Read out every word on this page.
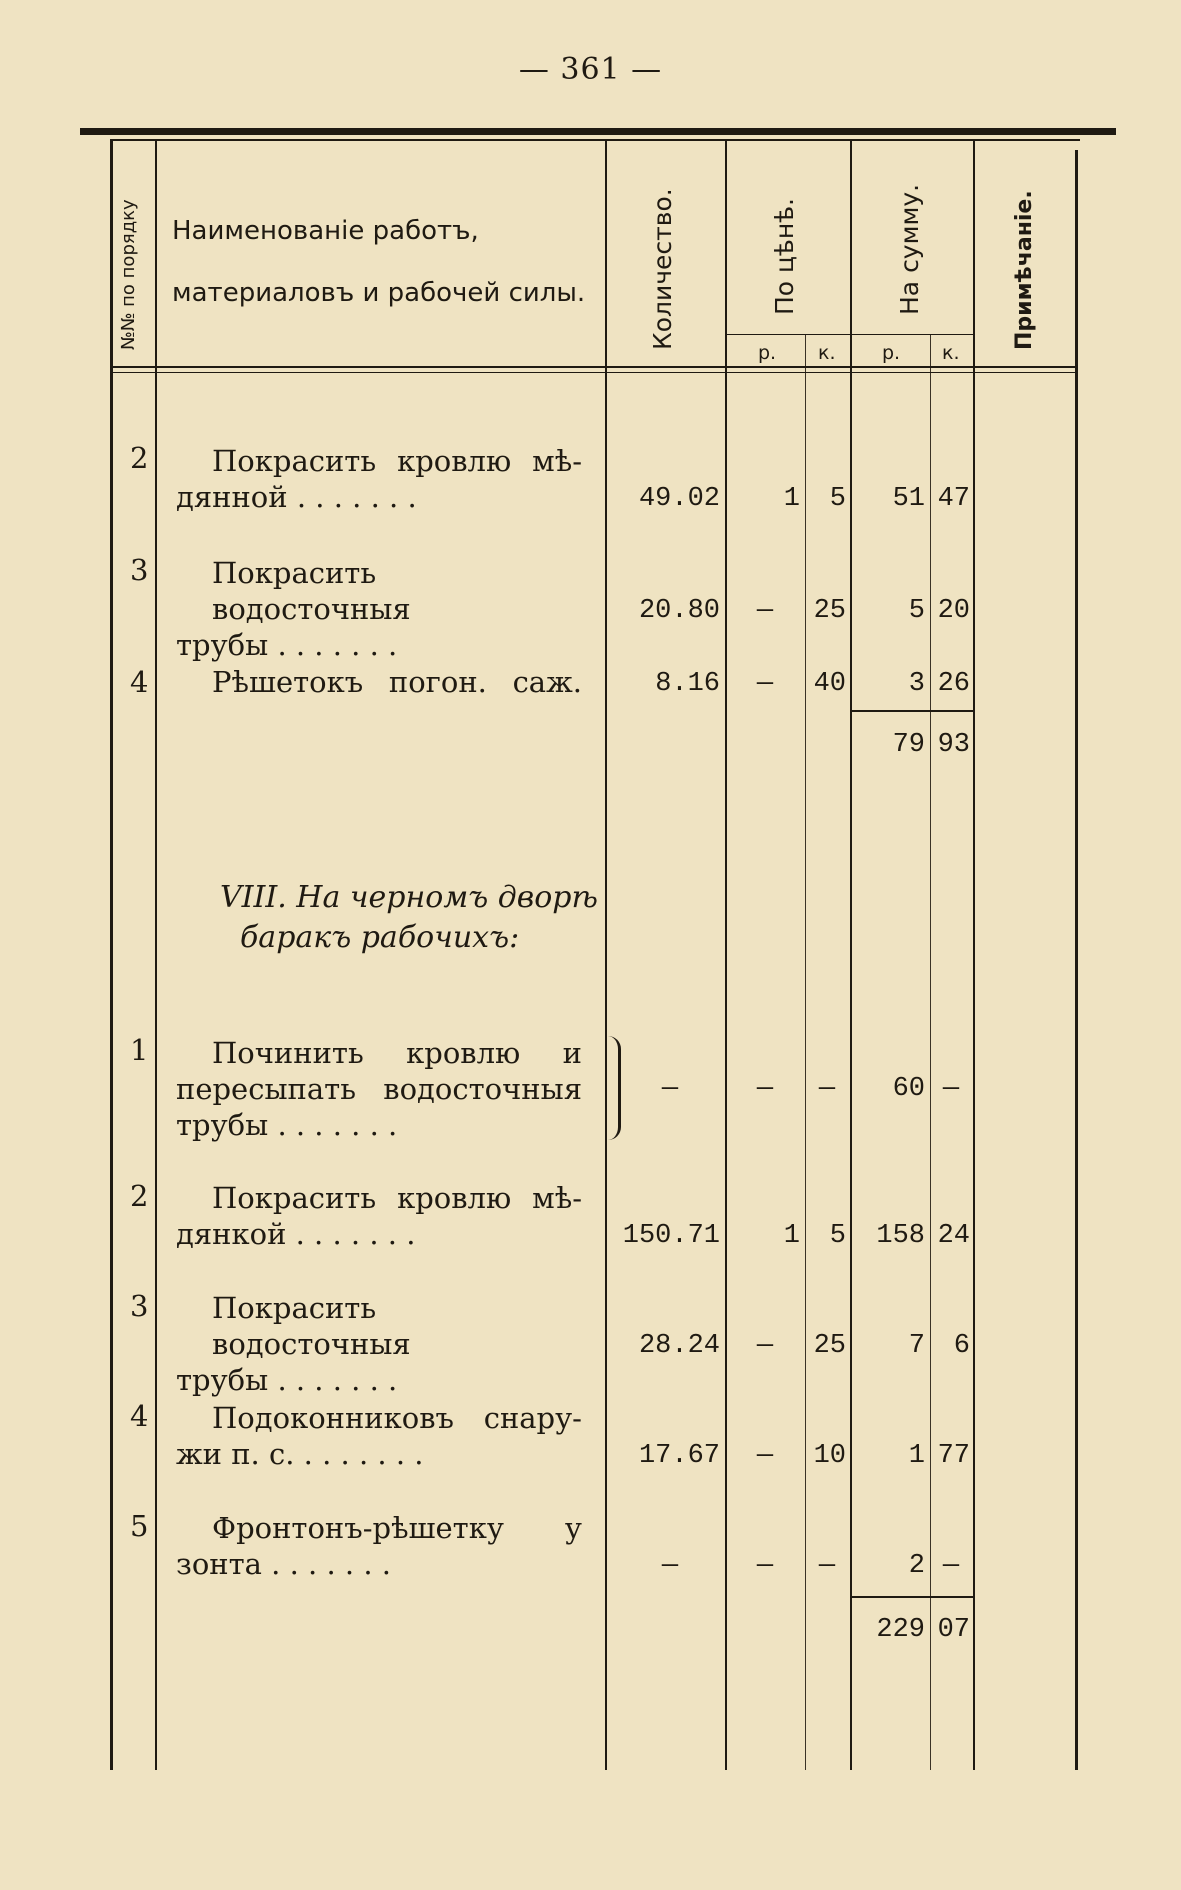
— 361 —
№№ по порядку Наименованіе работъ, материаловъ и рабочей силы.	Количество.	По цѣнѣ.	На сумму.	Примѣчаніе.
р. к. р. к.
2	Покрасить кровлю мѣ-
дянной . . . . . . .	49.02	1	5	51 47
3	Покрасить водосточныя
трубы . . . . . . .
20.80	—	25	5 20
4	Рѣшетокъ погон. саж.	8.16	—	40	3 26
79 93
VIII. На черномъ дворѣ
баракъ рабочихъ:
1	Починить кровлю и
пересыпать водосточныя
трубы . . . . . . .
—	—	—	60 —
2	Покрасить кровлю мѣ-
дянкой . . . . . . .	150.71	1	5	158 24
3	Покрасить водосточныя
трубы . . . . . . .
28.24	—	25	7	6
4	Подоконниковъ снару-
жи п. с. . . . . . . .	17.67	—	10	1 77
5	Фронтонъ-рѣшетку у
зонта . . . . . . .	—	—	—	2 —
229 07
